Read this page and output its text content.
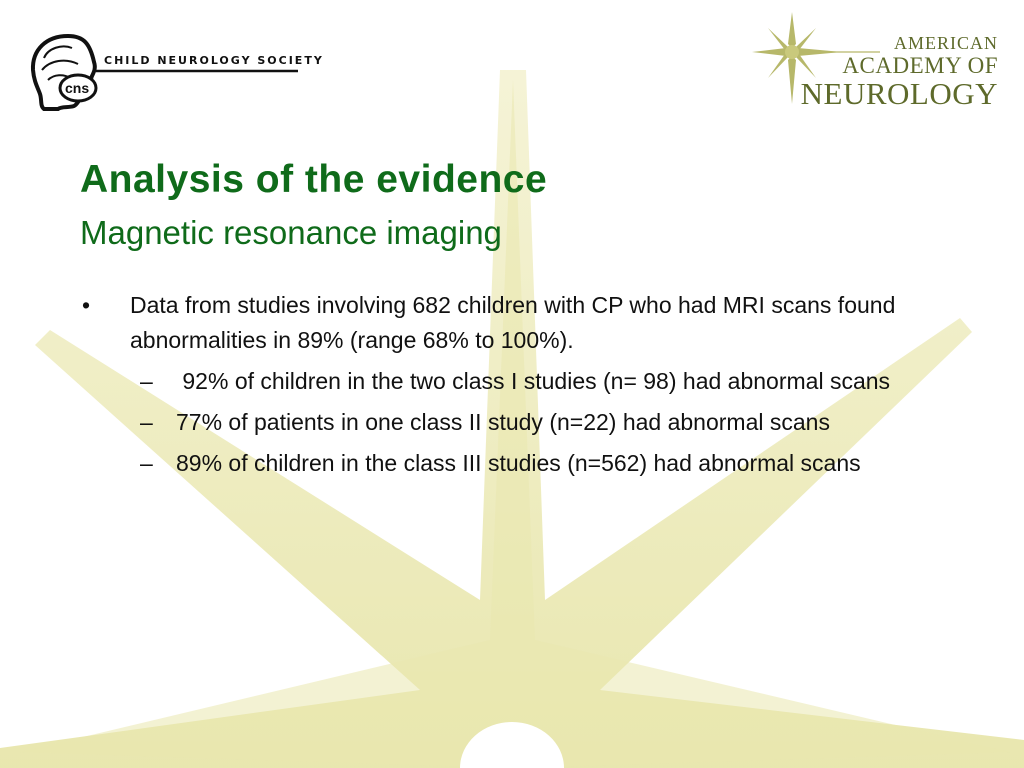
cns
CHILD NEUROLOGY SOCIETY
AMERICAN
ACADEMY OF
NEUROLOGY
Analysis of the evidence
Magnetic resonance imaging
•	Data from studies involving 682 children with CP who had MRI scans found abnormalities in 89% (range 68% to 100%).
–	92% of children in the two class I studies (n= 98) had abnormal scans
–	77% of patients in one class II study (n=22) had abnormal scans
–	89% of children in the class III studies (n=562) had abnormal scans
